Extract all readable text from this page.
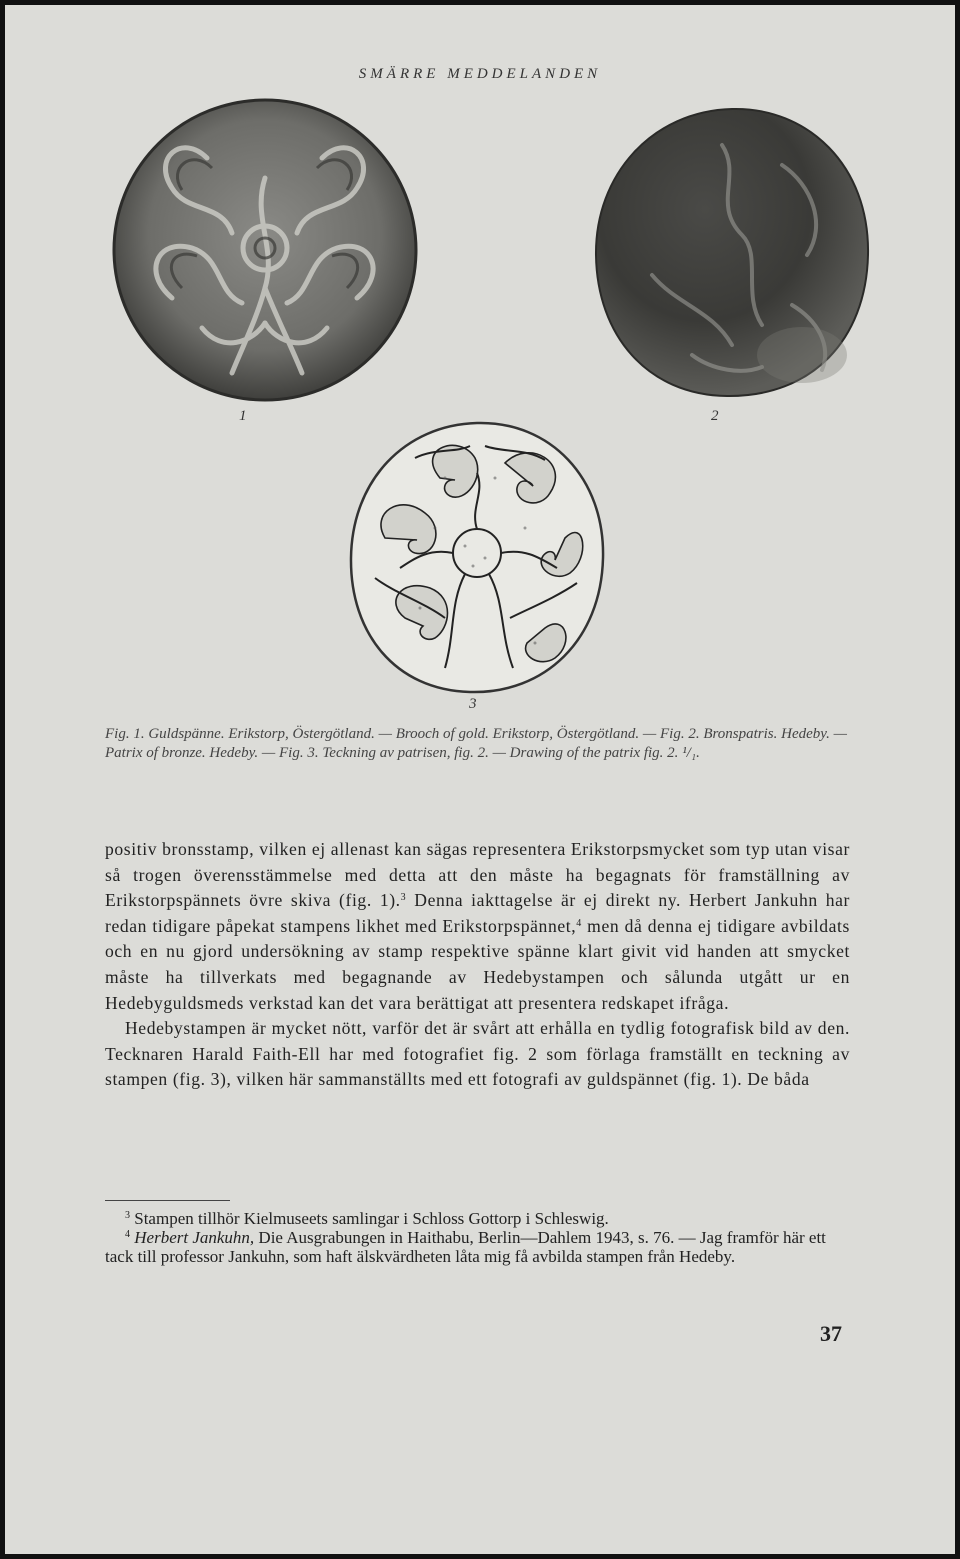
SMÄRRE MEDDELANDEN
1	2
3
Fig. 1. Guldspänne. Erikstorp, Östergötland. — Brooch of gold. Erikstorp, Östergötland. — Fig. 2. Bronspatris. Hedeby. — Patrix of bronze. Hedeby. — Fig. 3. Teckning av patrisen, fig. 2. — Drawing of the patrix fig. 2. ¹/₁.

positiv bronsstamp, vilken ej allenast kan sägas representera Erikstorpsmycket som typ utan visar så trogen överensstämmelse med detta att den måste ha begagnats för framställning av Erikstorpspännets övre skiva (fig. 1).$^3$ Denna iakttagelse är ej direkt ny. Herbert Jankuhn har redan tidigare påpekat stampens likhet med Erikstorpspännet,$^4$ men då denna ej tidigare avbildats och en nu gjord undersökning av stamp respektive spänne klart givit vid handen att smycket måste ha tillverkats med begagnande av Hedebystampen och sålunda utgått ur en Hedebyguldsmeds verkstad kan det vara berättigat att presentera redskapet ifråga.

Hedebystampen är mycket nött, varför det är svårt att erhålla en tydlig fotografisk bild av den. Tecknaren Harald Faith-Ell har med fotografiet fig. 2 som förlaga framställt en teckning av stampen (fig. 3), vilken här sammanställts med ett fotografi av guldspännet (fig. 1). De båda

$^3$ Stampen tillhör Kielmuseets samlingar i Schloss Gottorp i Schleswig.

$^4$ Herbert Jankuhn, Die Ausgrabungen in Haithabu, Berlin—Dahlem 1943, s. 76. — Jag framför här ett tack till professor Jankuhn, som haft älskvärdheten låta mig få avbilda stampen från Hedeby.

37
